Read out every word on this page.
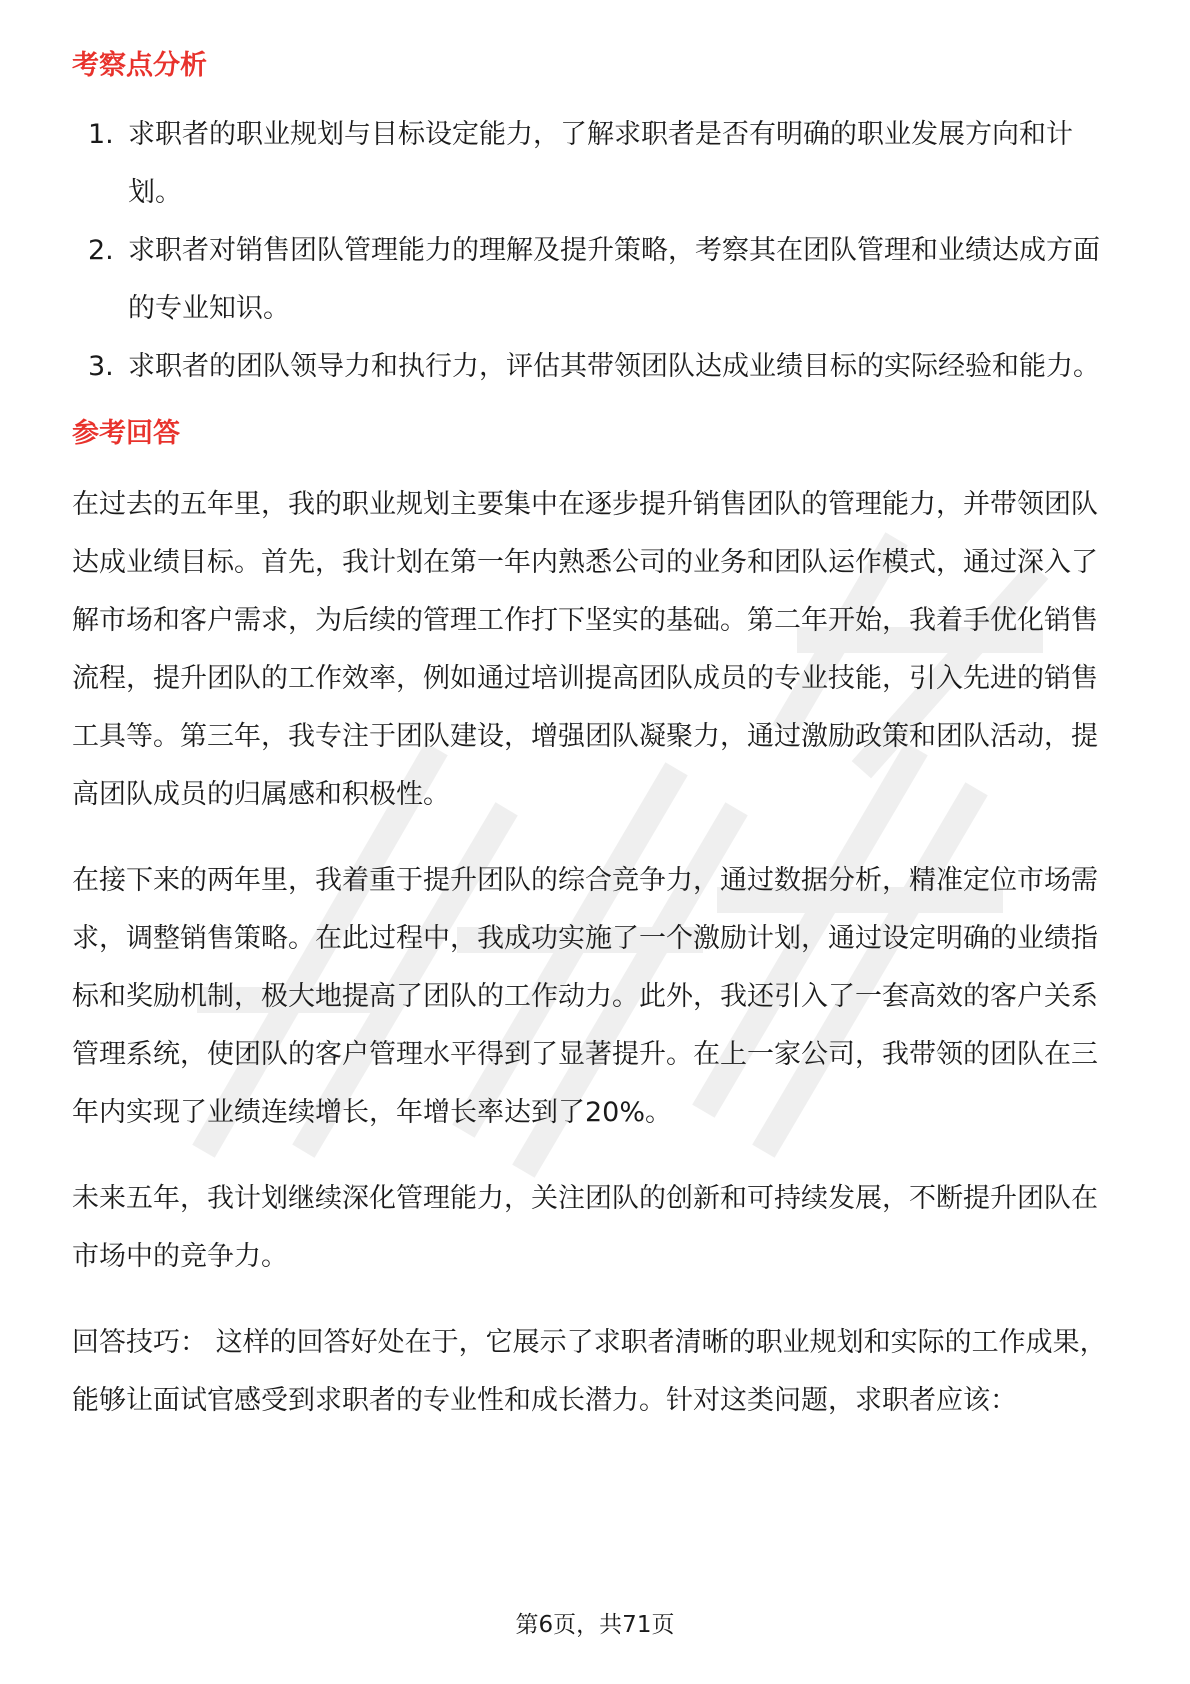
考察点分析
1. 求职者的职业规划与目标设定能力，了解求职者是否有明确的职业发展方向和计划。
2. 求职者对销售团队管理能力的理解及提升策略，考察其在团队管理和业绩达成方面的专业知识。
3. 求职者的团队领导力和执行力，评估其带领团队达成业绩目标的实际经验和能力。
参考回答

在过去的五年里，我的职业规划主要集中在逐步提升销售团队的管理能力，并带领团队达成业绩目标。首先，我计划在第一年内熟悉公司的业务和团队运作模式，通过深入了解市场和客户需求，为后续的管理工作打下坚实的基础。第二年开始，我着手优化销售流程，提升团队的工作效率，例如通过培训提高团队成员的专业技能，引入先进的销售工具等。第三年，我专注于团队建设，增强团队凝聚力，通过激励政策和团队活动，提高团队成员的归属感和积极性。

在接下来的两年里，我着重于提升团队的综合竞争力，通过数据分析，精准定位市场需求，调整销售策略。在此过程中，我成功实施了一个激励计划，通过设定明确的业绩指标和奖励机制，极大地提高了团队的工作动力。此外，我还引入了一套高效的客户关系管理系统，使团队的客户管理水平得到了显著提升。在上一家公司，我带领的团队在三年内实现了业绩连续增长，年增长率达到了20%。

未来五年，我计划继续深化管理能力，关注团队的创新和可持续发展，不断提升团队在市场中的竞争力。

回答技巧： 这样的回答好处在于，它展示了求职者清晰的职业规划和实际的工作成果，能够让面试官感受到求职者的专业性和成长潜力。针对这类问题，求职者应该：

第6页，共71页
